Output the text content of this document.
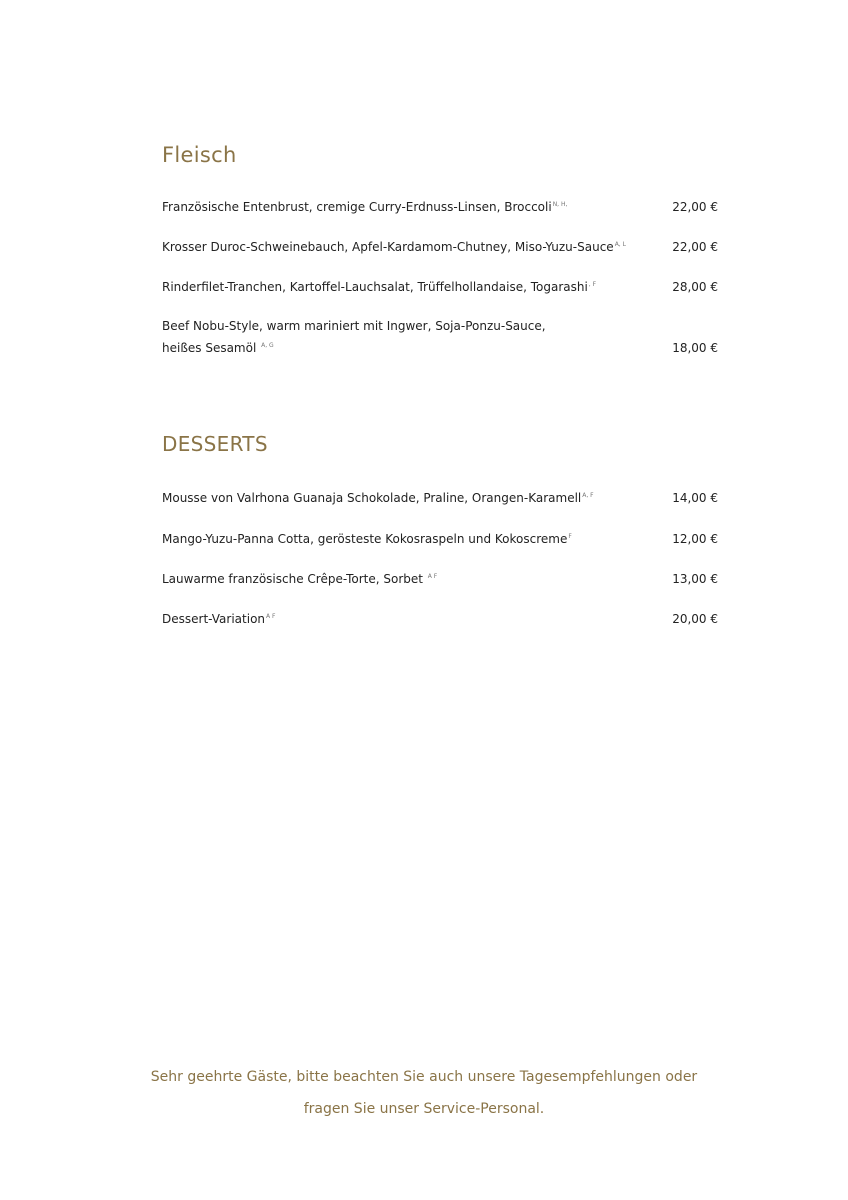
Fleisch
Französische Entenbrust, cremige Curry-Erdnuss-Linsen, Broccoli$^{N, H,}$	22,00 €
Krosser Duroc-Schweinebauch, Apfel-Kardamom-Chutney, Miso-Yuzu-Sauce$^{A, L}$	22,00 €
Rinderfilet-Tranchen, Kartoffel-Lauchsalat, Trüffelhollandaise, Togarashi$^{, F}$	28,00 €
Beef Nobu-Style, warm mariniert mit Ingwer, Soja-Ponzu-Sauce,
heißes Sesamöl $^{A, G}$	18,00 €
DESSERTS
Mousse von Valrhona Guanaja Schokolade, Praline, Orangen-Karamell$^{A, F}$	14,00 €
Mango-Yuzu-Panna Cotta, gerösteste Kokosraspeln und Kokoscreme$^F$	12,00 €
Lauwarme französische Crêpe-Torte, Sorbet $^{A F}$	13,00 €
Dessert-Variation$^{A F}$	20,00 €
Sehr geehrte Gäste, bitte beachten Sie auch unsere Tagesempfehlungen oder
fragen Sie unser Service-Personal.
